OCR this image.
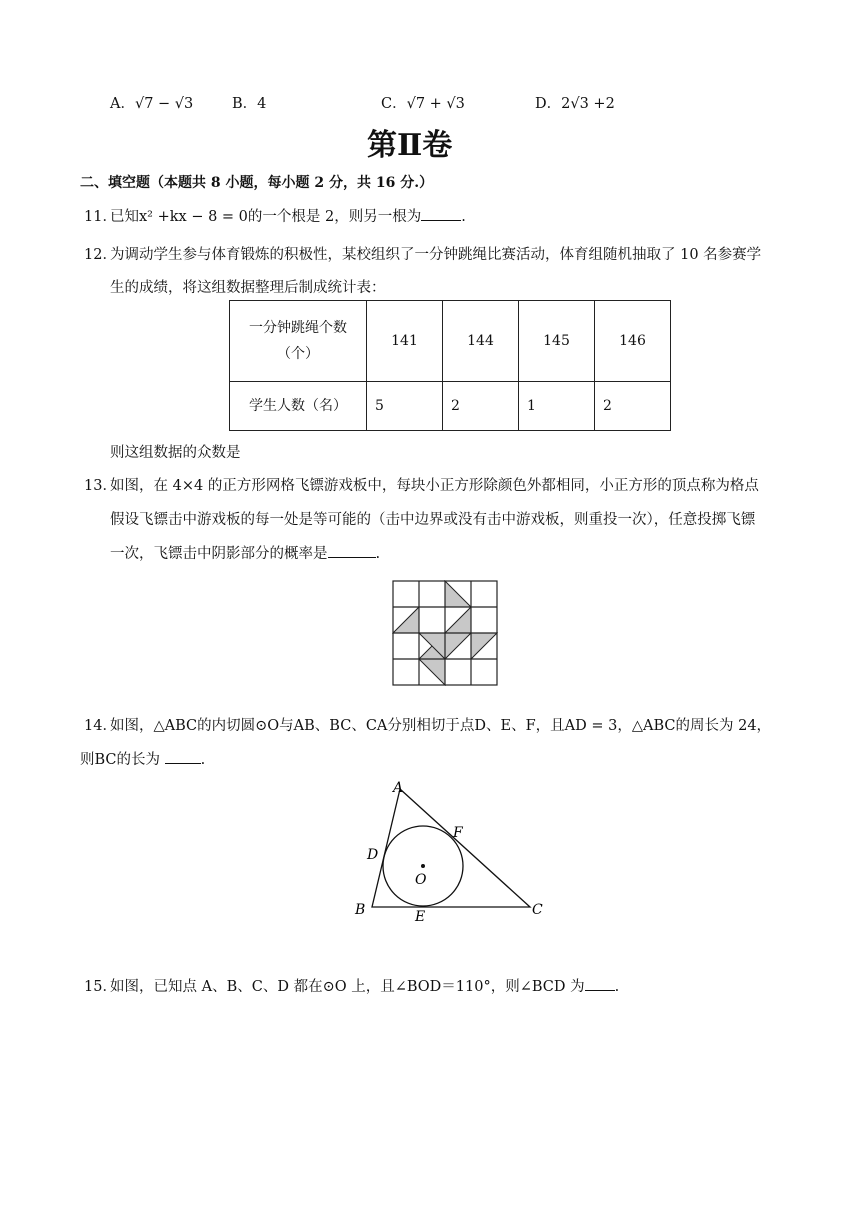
A．√7 − √3	B．4	C．√7 + √3	D．2√3 +2
第Ⅱ卷
二、填空题（本题共 8 小题，每小题 2 分，共 16 分.）
11．
已知x² +kx − 8 = 0的一个根是 2，则另一根为	.
12．
为调动学生参与体育锻炼的积极性，某校组织了一分钟跳绳比赛活动，体育组随机抽取了 10 名参赛学
生的成绩，将这组数据整理后制成统计表：
一分钟跳绳个数（个）	141	144	145	146
学生人数（名）	5	2	1	2
则这组数据的众数是
13．
如图，在 4×4 的正方形网格飞镖游戏板中，每块小正方形除颜色外都相同，小正方形的顶点称为格点
假设飞镖击中游戏板的每一处是等可能的（击中边界或没有击中游戏板，则重投一次），任意投掷飞镖
一次，飞镖击中阴影部分的概率是	.
14．
如图，△ABC的内切圆⊙O与AB、BC、CA分别相切于点D、E、F，且AD = 3，△ABC的周长为 24，
则BC的长为	.
A
B	C
D
E
F
O
15．
如图，已知点 A、B、C、D 都在⊙O 上，且∠BOD＝110°，则∠BCD 为 .
